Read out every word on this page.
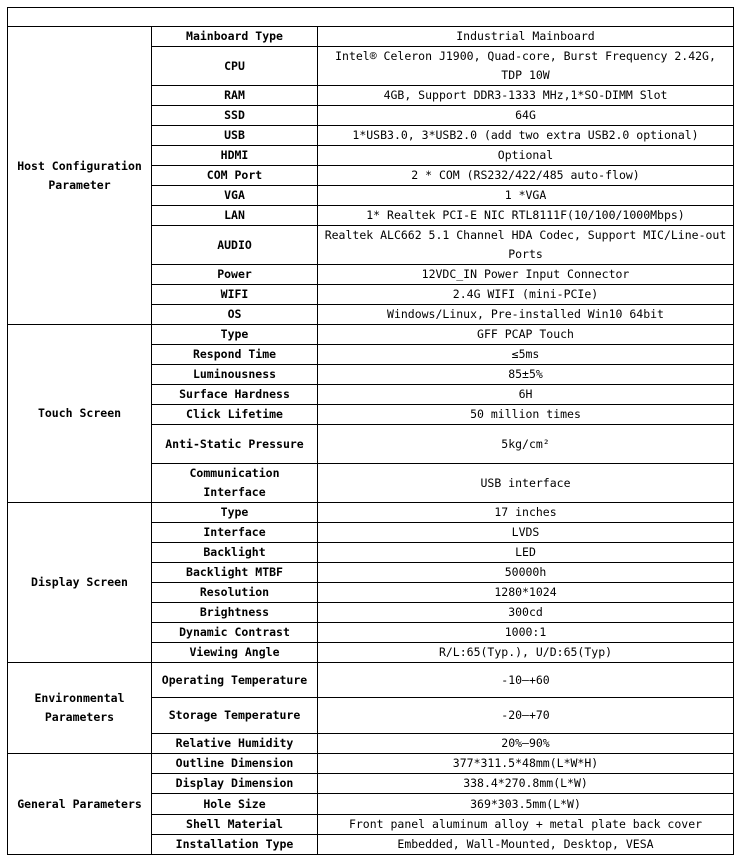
Host Configuration Parameter	Mainboard Type	Industrial Mainboard
	CPU	Intel® Celeron J1900, Quad-core, Burst Frequency 2.42G, TDP 10W
	RAM	4GB, Support DDR3-1333 MHz,1*SO-DIMM Slot
	SSD	64G
	USB	1*USB3.0, 3*USB2.0 (add two extra USB2.0 optional)
	HDMI	Optional
	COM Port	2 * COM (RS232/422/485 auto-flow)
	VGA	1 *VGA
	LAN	1* Realtek PCI-E NIC RTL8111F(10/100/1000Mbps)
	AUDIO	Realtek ALC662 5.1 Channel HDA Codec, Support MIC/Line-out Ports
	Power	12VDC_IN Power Input Connector
	WIFI	2.4G WIFI (mini-PCIe)
	OS	Windows/Linux, Pre-installed Win10 64bit
Touch Screen	Type	GFF PCAP Touch
	Respond Time	≤5ms
	Luminousness	85±5%
	Surface Hardness	6H
	Click Lifetime	50 million times
	Anti-Static Pressure	5kg/cm²
	Communication Interface	USB interface
Display Screen	Type	17 inches
	Interface	LVDS
	Backlight	LED
	Backlight MTBF	50000h
	Resolution	1280*1024
	Brightness	300cd
	Dynamic Contrast	1000:1
	Viewing Angle	R/L:65(Typ.), U/D:65(Typ)
Environmental Parameters	Operating Temperature	-10—+60
	Storage Temperature	-20—+70
	Relative Humidity	20%—90%
General Parameters	Outline Dimension	377*311.5*48mm(L*W*H)
	Display Dimension	338.4*270.8mm(L*W)
	Hole Size	369*303.5mm(L*W)
	Shell Material	Front panel aluminum alloy + metal plate back cover
	Installation Type	Embedded, Wall-Mounted, Desktop, VESA
